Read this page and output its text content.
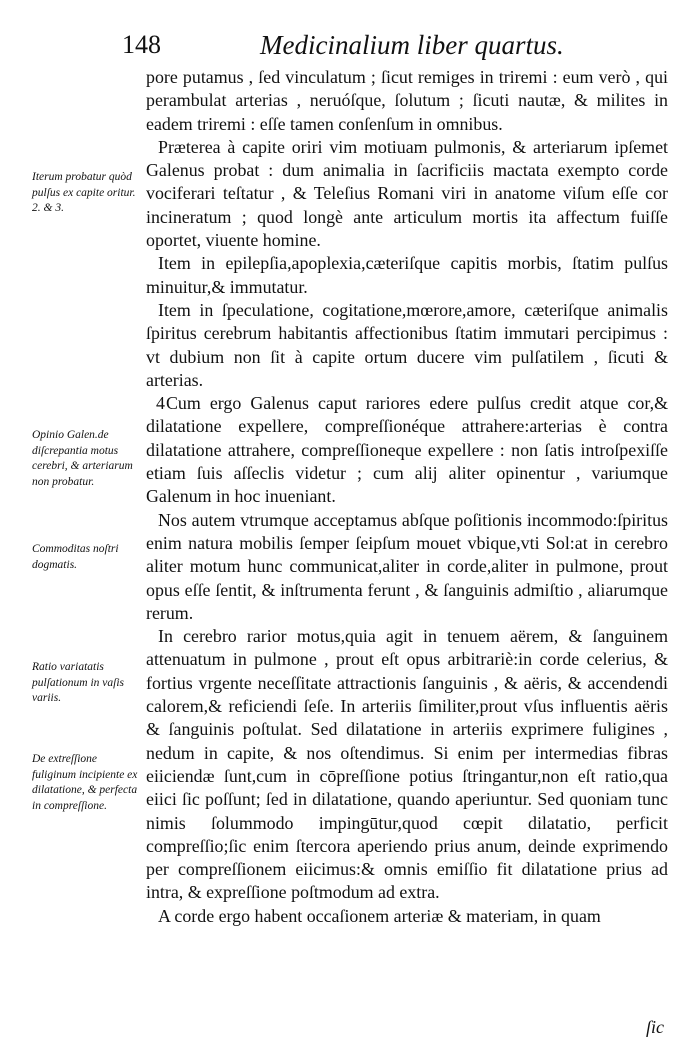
148	Medicinalium liber quartus.

pore putamus , ſed vinculatum ; ſicut remiges in triremi : eum verò , qui perambulat arterias , neruóſque, ſolutum ; ſicuti nautæ, & milites in eadem triremi : eſſe tamen conſenſum in omnibus.

Præterea à capite oriri vim motiuam pulmonis, & arteriarum ipſemet Galenus probat : dum animalia in ſacrificiis mactata exempto corde vociferari teſtatur , & Teleſius Romani viri in anatome viſum eſſe cor incineratum ; quod longè ante articulum mortis ita affectum fuiſſe oportet, viuente homine.

Item in epilepſia,apoplexia,cæteriſque capitis morbis, ſtatim pulſus minuitur,& immutatur.

Item in ſpeculatione, cogitatione,mœrore,amore, cæteriſque animalis ſpiritus cerebrum habitantis affectionibus ſtatim immutari percipimus : vt dubium non ſit à capite ortum ducere vim pulſatilem , ſicuti & arterias.

4Cum ergo Galenus caput rariores edere pulſus credit atque cor,& dilatatione expellere, compreſſionéque attrahere:arterias è contra dilatatione attrahere, compreſſioneque expellere : non ſatis introſpexiſſe etiam ſuis aſſeclis videtur ; cum alij aliter opinentur , variumque Galenum in hoc inueniant.

Nos autem vtrumque acceptamus abſque poſitionis incommodo:ſpiritus enim natura mobilis ſemper ſeipſum mouet vbique,vti Sol:at in cerebro aliter motum hunc communicat,aliter in corde,aliter in pulmone, prout opus eſſe ſentit, & inſtrumenta ferunt , & ſanguinis admiſtio , aliarumque rerum.

In cerebro rarior motus,quia agit in tenuem aërem, & ſanguinem attenuatum in pulmone , prout eſt opus arbitrariè:in corde celerius, & fortius vrgente neceſſitate attractionis ſanguinis , & aëris, & accendendi calorem,& reficiendi ſeſe. In arteriis ſimiliter,prout vſus influentis aëris & ſanguinis poſtulat. Sed dilatatione in arteriis exprimere fuligines , nedum in capite, & nos oſtendimus. Si enim per intermedias fibras eiiciendæ ſunt,cum in cōpreſſione potius ſtringantur,non eſt ratio,qua eiici ſic poſſunt; ſed in dilatatione, quando aperiuntur. Sed quoniam tunc nimis ſolummodo impingūtur,quod cœpit dilatatio, perficit compreſſio;ſic enim ſtercora aperiendo prius anum, deinde exprimendo per compreſſionem eiicimus:& omnis emiſſio fit dilatatione prius ad intra, & expreſſione poſtmodum ad extra.

A corde ergo habent occaſionem arteriæ & materiam, in quam

Iterum probatur quòd pulſus ex capite oritur. 2. & 3.
Opinio Galen.de diſcrepantia motus cerebri, & arteriarum non probatur.
Commoditas noſtri dogmatis.
Ratio variatatis pulſationum in vaſis variis.
De extreſſione fuliginum incipiente ex dilatatione, & perfecta in compreſſione.
ſic
